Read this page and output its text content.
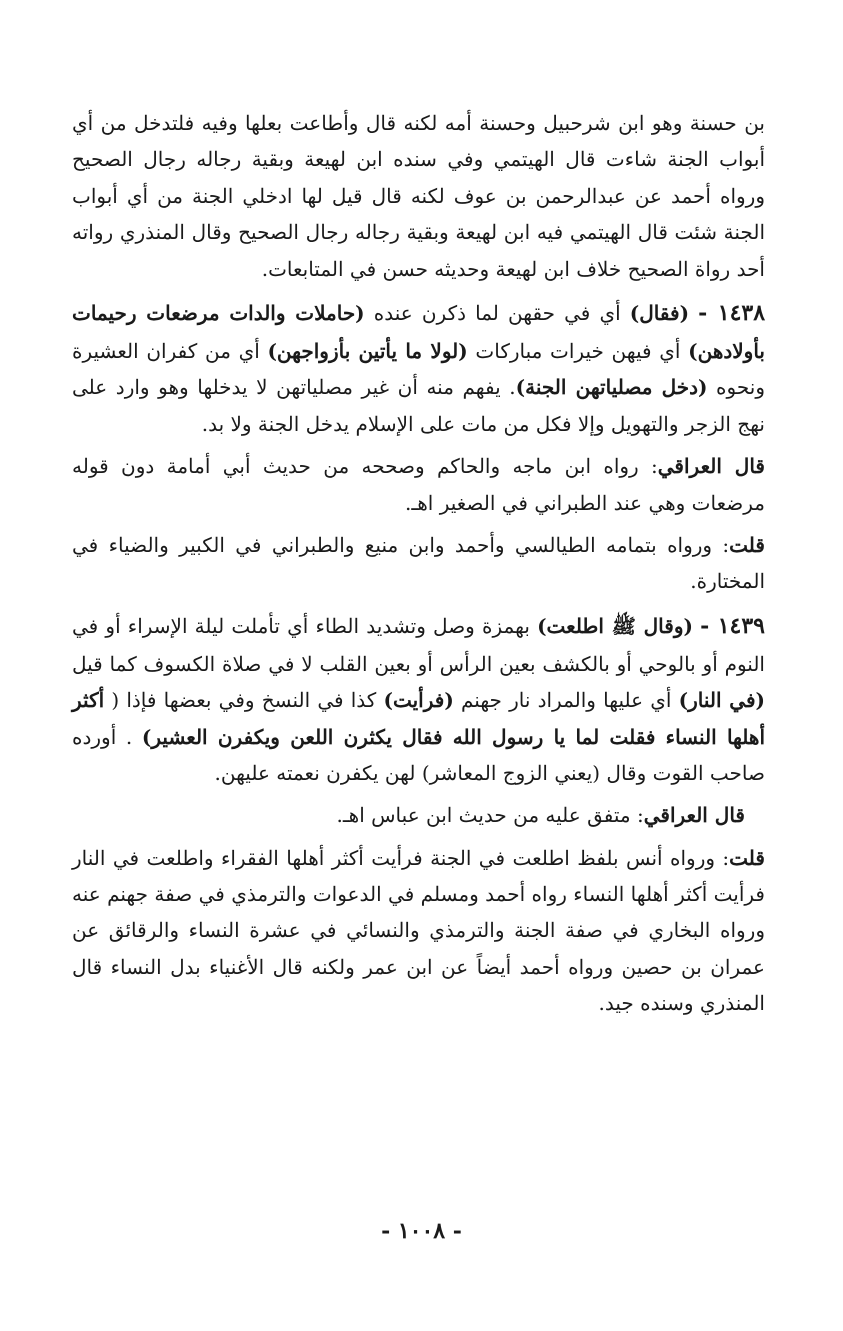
بن حسنة وهو ابن شرحبيل وحسنة أمه لكنه قال وأطاعت بعلها وفيه فلتدخل من أي أبواب الجنة شاءت قال الهيتمي وفي سنده ابن لهيعة وبقية رجاله رجال الصحيح ورواه أحمد عن عبدالرحمن بن عوف لكنه قال قيل لها ادخلي الجنة من أي أبواب الجنة شئت قال الهيتمي فيه ابن لهيعة وبقية رجاله رجال الصحيح وقال المنذري رواته أحد رواة الصحيح خلاف ابن لهيعة وحديثه حسن في المتابعات.

١٤٣٨ - (فقال) أي في حقهن لما ذكرن عنده (حاملات والدات مرضعات رحيمات بأولادهن) أي فيهن خيرات مباركات (لولا ما يأتين بأزواجهن) أي من كفران العشيرة ونحوه (دخل مصلياتهن الجنة). يفهم منه أن غير مصلياتهن لا يدخلها وهو وارد على نهج الزجر والتهويل وإلا فكل من مات على الإسلام يدخل الجنة ولا بد.

قال العراقي: رواه ابن ماجه والحاكم وصححه من حديث أبي أمامة دون قوله مرضعات وهي عند الطبراني في الصغير اهـ.

قلت: ورواه بتمامه الطيالسي وأحمد وابن منيع والطبراني في الكبير والضياء في المختارة.

١٤٣٩ - (وقال ﷺ اطلعت) بهمزة وصل وتشديد الطاء أي تأملت ليلة الإسراء أو في النوم أو بالوحي أو بالكشف بعين الرأس أو بعين القلب لا في صلاة الكسوف كما قيل (في النار) أي عليها والمراد نار جهنم (فرأيت) كذا في النسخ وفي بعضها فإذا ( أكثر أهلها النساء فقلت لما يا رسول الله فقال يكثرن اللعن ويكفرن العشير) . أورده صاحب القوت وقال (يعني الزوج المعاشر) لهن يكفرن نعمته عليهن.

قال العراقي: متفق عليه من حديث ابن عباس اهـ.

قلت: ورواه أنس بلفظ اطلعت في الجنة فرأيت أكثر أهلها الفقراء واطلعت في النار فرأيت أكثر أهلها النساء رواه أحمد ومسلم في الدعوات والترمذي في صفة جهنم عنه ورواه البخاري في صفة الجنة والترمذي والنسائي في عشرة النساء والرقائق عن عمران بن حصين ورواه أحمد أيضاً عن ابن عمر ولكنه قال الأغنياء بدل النساء قال المنذري وسنده جيد.

- ١٠٠٨ -
